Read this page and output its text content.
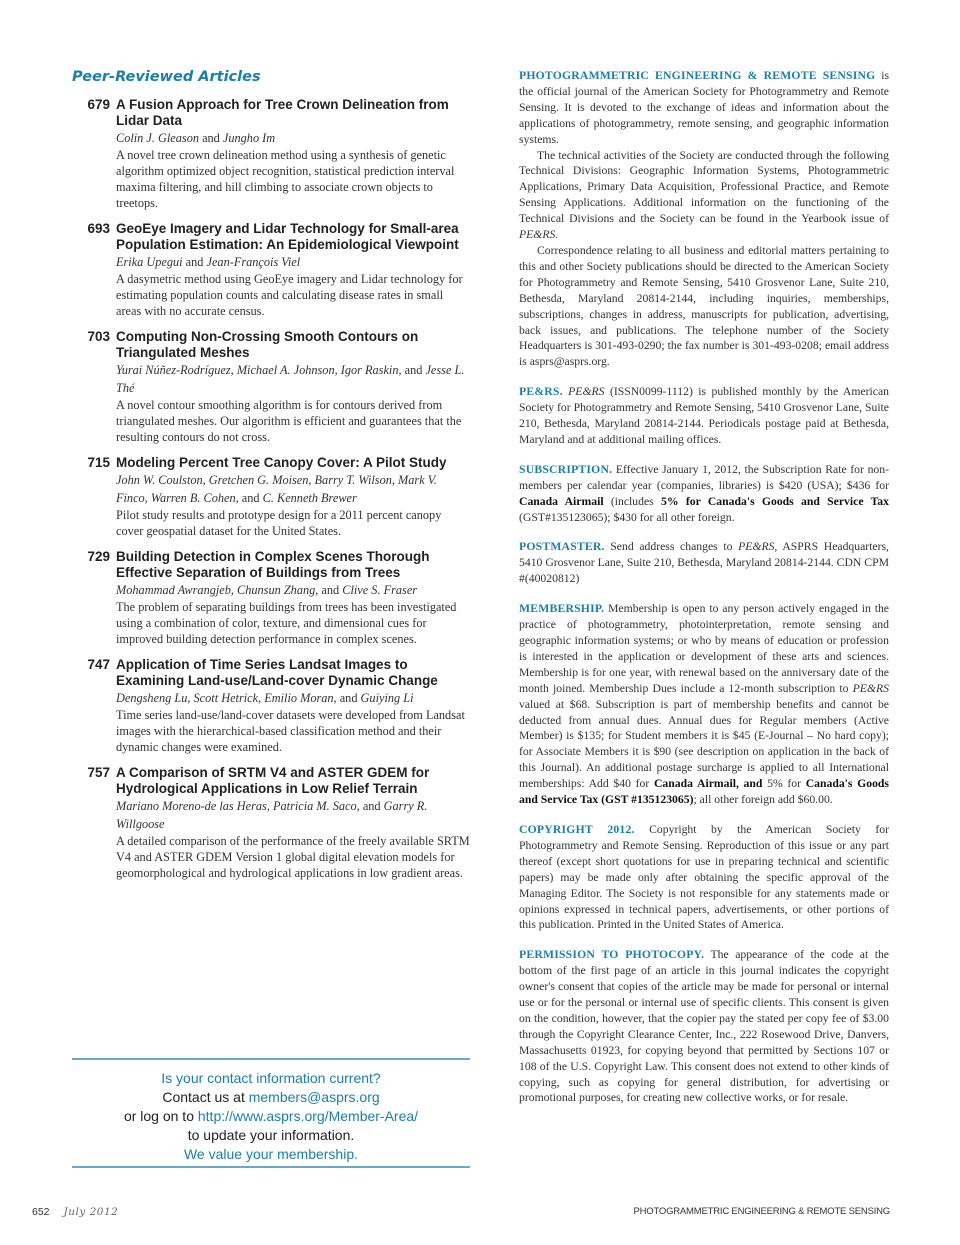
Peer-Reviewed Articles
679 A Fusion Approach for Tree Crown Delineation from Lidar Data
Colin J. Gleason and Jungho Im
A novel tree crown delineation method using a synthesis of genetic algorithm optimized object recognition, statistical prediction interval maxima filtering, and hill climbing to associate crown objects to treetops.
693 GeoEye Imagery and Lidar Technology for Small-area Population Estimation: An Epidemiological Viewpoint
Erika Upegui and Jean-François Viel
A dasymetric method using GeoEye imagery and Lidar technology for estimating population counts and calculating disease rates in small areas with no accurate census.
703 Computing Non-Crossing Smooth Contours on Triangulated Meshes
Yurai Núñez-Rodríguez, Michael A. Johnson, Igor Raskin, and Jesse L. Thé
A novel contour smoothing algorithm is for contours derived from triangulated meshes. Our algorithm is efficient and guarantees that the resulting contours do not cross.
715 Modeling Percent Tree Canopy Cover: A Pilot Study
John W. Coulston, Gretchen G. Moisen, Barry T. Wilson, Mark V. Finco, Warren B. Cohen, and C. Kenneth Brewer
Pilot study results and prototype design for a 2011 percent canopy cover geospatial dataset for the United States.
729 Building Detection in Complex Scenes Thorough Effective Separation of Buildings from Trees
Mohammad Awrangjeb, Chunsun Zhang, and Clive S. Fraser
The problem of separating buildings from trees has been investigated using a combination of color, texture, and dimensional cues for improved building detection performance in complex scenes.
747 Application of Time Series Landsat Images to Examining Land-use/Land-cover Dynamic Change
Dengsheng Lu, Scott Hetrick, Emilio Moran, and Guiying Li
Time series land-use/land-cover datasets were developed from Landsat images with the hierarchical-based classification method and their dynamic changes were examined.
757 A Comparison of SRTM V4 and ASTER GDEM for Hydrological Applications in Low Relief Terrain
Mariano Moreno-de las Heras, Patricia M. Saco, and Garry R. Willgoose
A detailed comparison of the performance of the freely available SRTM V4 and ASTER GDEM Version 1 global digital elevation models for geomorphological and hydrological applications in low gradient areas.
Is your contact information current?
Contact us at members@asprs.org
or log on to http://www.asprs.org/Member-Area/
to update your information.
We value your membership.

PHOTOGRAMMETRIC ENGINEERING & REMOTE SENSING is the official journal of the American Society for Photogrammetry and Remote Sensing. It is devoted to the exchange of ideas and information about the applications of photogrammetry, remote sensing, and geographic information systems.

The technical activities of the Society are conducted through the following Technical Divisions: Geographic Information Systems, Photogrammetric Applications, Primary Data Acquisition, Professional Practice, and Remote Sensing Applications. Additional information on the functioning of the Technical Divisions and the Society can be found in the Yearbook issue of PE&RS.

Correspondence relating to all business and editorial matters pertaining to this and other Society publications should be directed to the American Society for Photogrammetry and Remote Sensing, 5410 Grosvenor Lane, Suite 210, Bethesda, Maryland 20814-2144, including inquiries, memberships, subscriptions, changes in address, manuscripts for publication, advertising, back issues, and publications. The telephone number of the Society Headquarters is 301-493-0290; the fax number is 301-493-0208; email address is asprs@asprs.org.

PE&RS. PE&RS (ISSN0099-1112) is published monthly by the American Society for Photogrammetry and Remote Sensing, 5410 Grosvenor Lane, Suite 210, Bethesda, Maryland 20814-2144. Periodicals postage paid at Bethesda, Maryland and at additional mailing offices.

SUBSCRIPTION. Effective January 1, 2012, the Subscription Rate for non-members per calendar year (companies, libraries) is $420 (USA); $436 for Canada Airmail (includes 5% for Canada's Goods and Service Tax (GST#135123065); $430 for all other foreign.

POSTMASTER. Send address changes to PE&RS, ASPRS Headquarters, 5410 Grosvenor Lane, Suite 210, Bethesda, Maryland 20814-2144. CDN CPM #(40020812)

MEMBERSHIP. Membership is open to any person actively engaged in the practice of photogrammetry, photointerpretation, remote sensing and geographic information systems; or who by means of education or profession is interested in the application or development of these arts and sciences. Membership is for one year, with renewal based on the anniversary date of the month joined. Membership Dues include a 12-month subscription to PE&RS valued at $68. Subscription is part of membership benefits and cannot be deducted from annual dues. Annual dues for Regular members (Active Member) is $135; for Student members it is $45 (E-Journal – No hard copy); for Associate Members it is $90 (see description on application in the back of this Journal). An additional postage surcharge is applied to all International memberships: Add $40 for Canada Airmail, and 5% for Canada's Goods and Service Tax (GST #135123065); all other foreign add $60.00.

COPYRIGHT 2012. Copyright by the American Society for Photogrammetry and Remote Sensing. Reproduction of this issue or any part thereof (except short quotations for use in preparing technical and scientific papers) may be made only after obtaining the specific approval of the Managing Editor. The Society is not responsible for any statements made or opinions expressed in technical papers, advertisements, or other portions of this publication. Printed in the United States of America.

PERMISSION TO PHOTOCOPY. The appearance of the code at the bottom of the first page of an article in this journal indicates the copyright owner's consent that copies of the article may be made for personal or internal use or for the personal or internal use of specific clients. This consent is given on the condition, however, that the copier pay the stated per copy fee of $3.00 through the Copyright Clearance Center, Inc., 222 Rosewood Drive, Danvers, Massachusetts 01923, for copying beyond that permitted by Sections 107 or 108 of the U.S. Copyright Law. This consent does not extend to other kinds of copying, such as copying for general distribution, for advertising or promotional purposes, for creating new collective works, or for resale.

652 July 2012	PHOTOGRAMMETRIC ENGINEERING & REMOTE SENSING
